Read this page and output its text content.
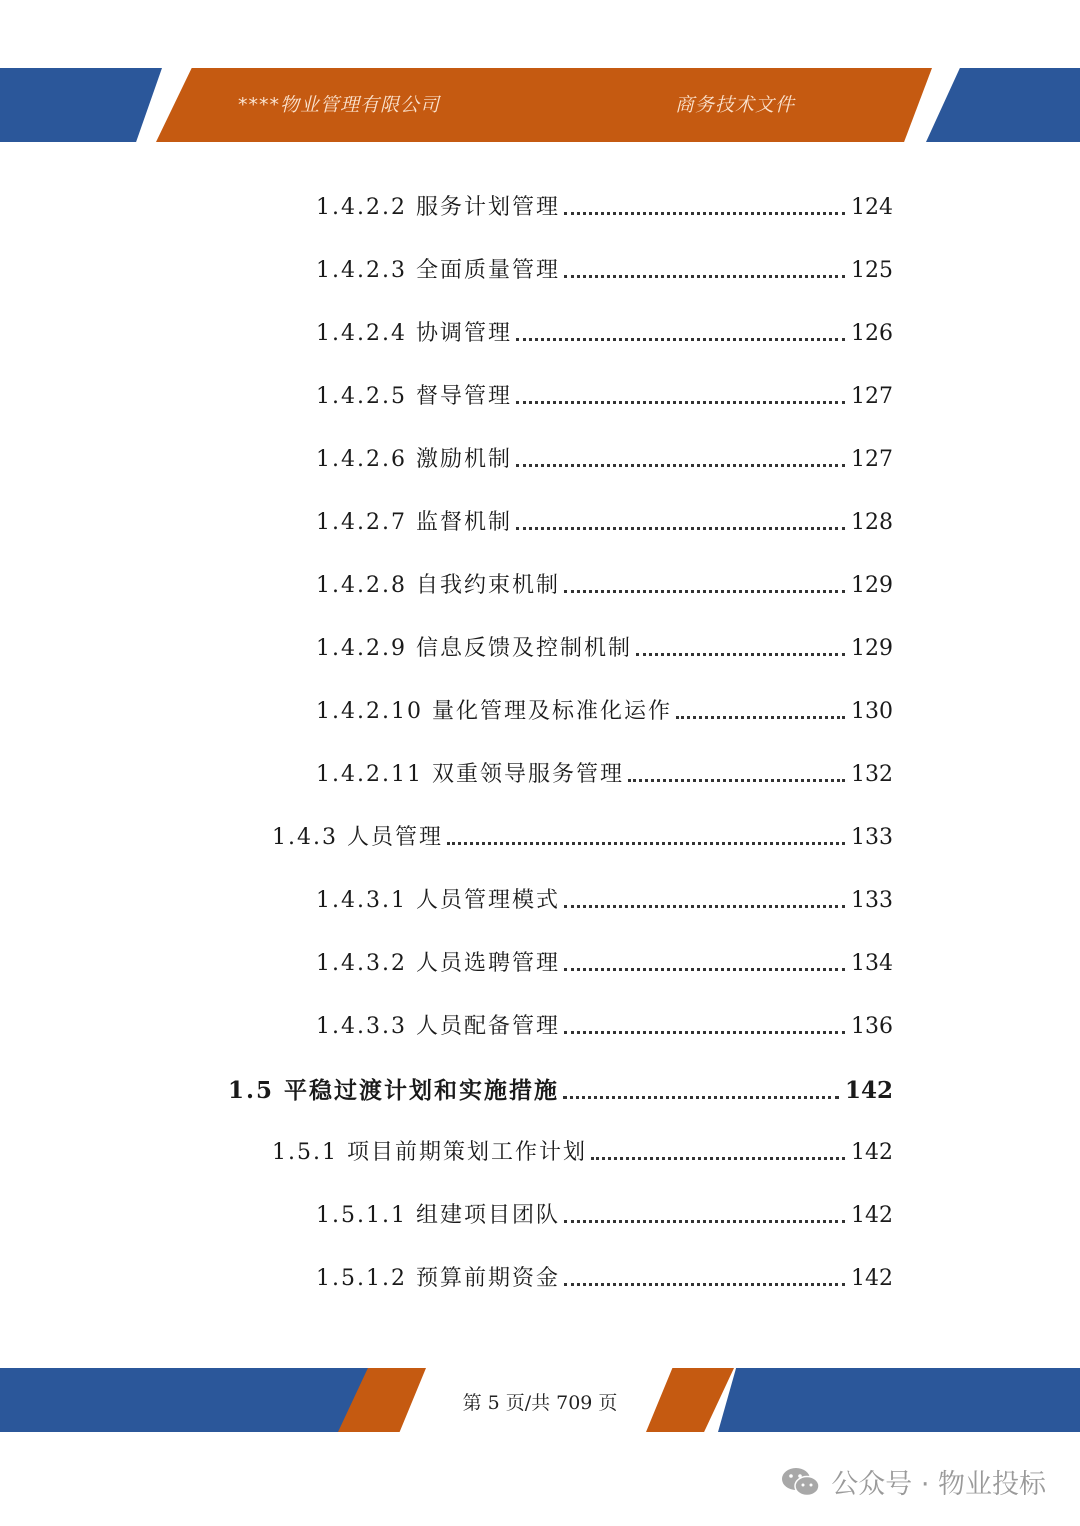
****物业管理有限公司	商务技术文件
1.4.2.2 服务计划管理	124
1.4.2.3 全面质量管理	125
1.4.2.4 协调管理	126
1.4.2.5 督导管理	127
1.4.2.6 激励机制	127
1.4.2.7 监督机制	128
1.4.2.8 自我约束机制	129
1.4.2.9 信息反馈及控制机制	129
1.4.2.10 量化管理及标准化运作	130
1.4.2.11 双重领导服务管理	132
1.4.3 人员管理	133
1.4.3.1 人员管理模式	133
1.4.3.2 人员选聘管理	134
1.4.3.3 人员配备管理	136
1.5 平稳过渡计划和实施措施	142
1.5.1 项目前期策划工作计划	142
1.5.1.1 组建项目团队	142
1.5.1.2 预算前期资金	142
第 5 页/共 709 页
公众号 · 物业投标
